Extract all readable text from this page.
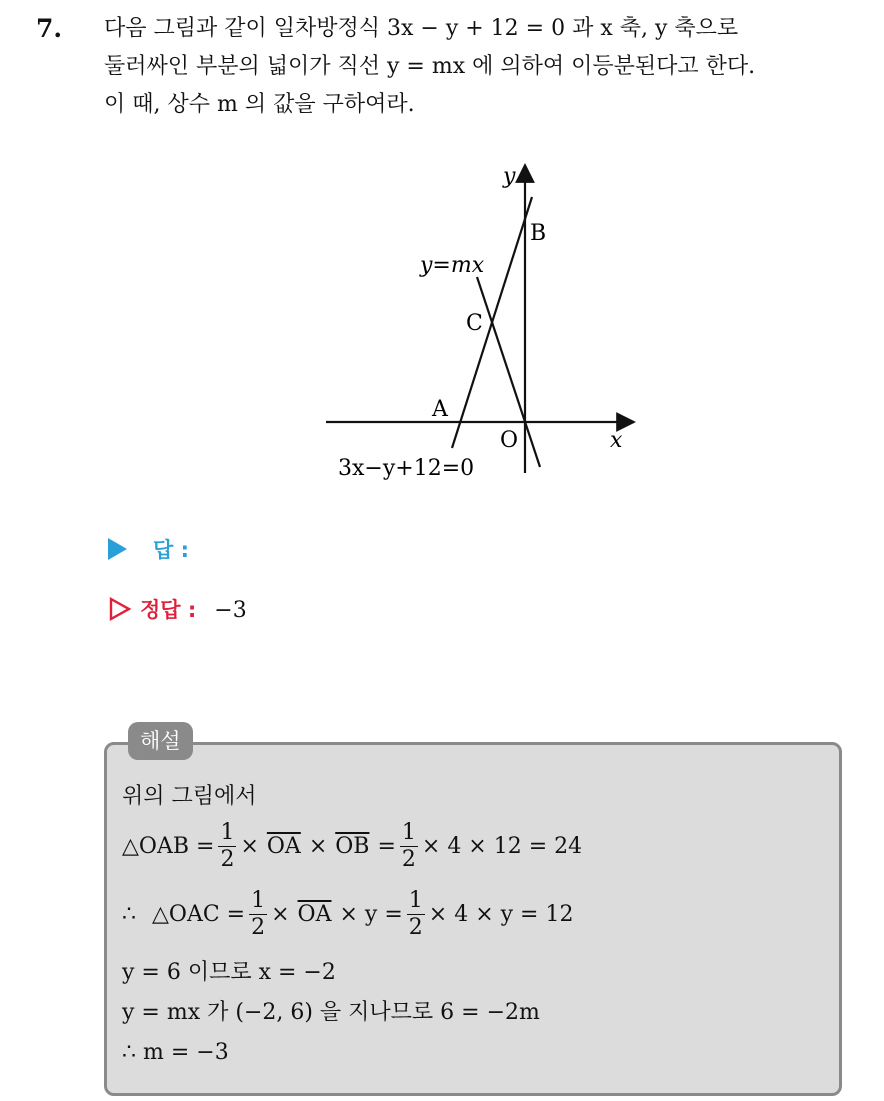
7. 다음 그림과 같이 일차방정식 3x − y + 12 = 0 과 x 축, y 축으로
둘러싸인 부분의 넓이가 직선 y = mx 에 의하여 이등분된다고 한다.
이 때, 상수 m 의 값을 구하여라.
y
B
y=mx
C
A
O	x
3x−y+12=0
답 :
정답 : −3
해설
위의 그림에서
△OAB = $\frac{1}{2} \times \overline{OA} \times \overline{OB} = \frac{1}{2} \times 4 \times 12 = 24$
∴ △OAC = $\frac{1}{2} \times \overline{OA} \times y = \frac{1}{2} \times 4 \times y = 12$
y = 6 이므로 x = −2
y = mx 가 (−2, 6) 을 지나므로 6 = −2m
∴ m = −3
